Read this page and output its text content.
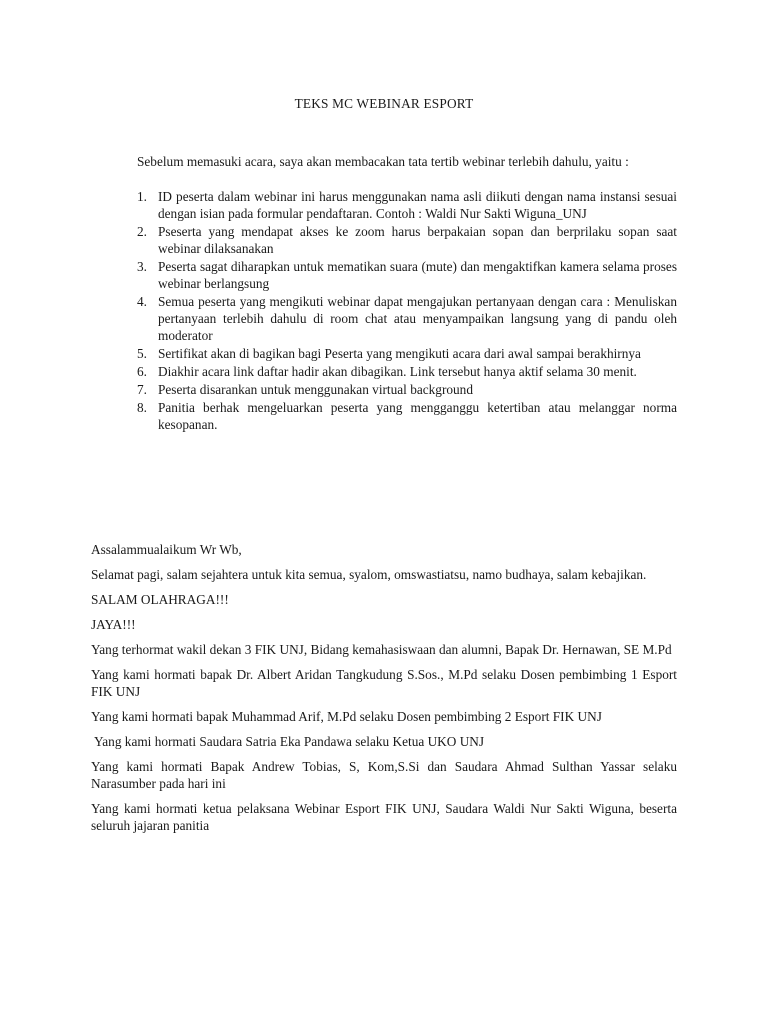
TEKS MC WEBINAR ESPORT
Sebelum memasuki acara, saya akan membacakan tata tertib webinar terlebih dahulu, yaitu :
1. ID peserta dalam webinar ini harus menggunakan nama asli diikuti dengan nama instansi sesuai dengan isian pada formular pendaftaran. Contoh : Waldi Nur Sakti Wiguna_UNJ
2. Pseserta yang mendapat akses ke zoom harus berpakaian sopan dan berprilaku sopan saat webinar dilaksanakan
3. Peserta sagat diharapkan untuk mematikan suara (mute) dan mengaktifkan kamera selama proses webinar berlangsung
4. Semua peserta yang mengikuti webinar dapat mengajukan pertanyaan dengan cara : Menuliskan pertanyaan terlebih dahulu di room chat atau menyampaikan langsung yang di pandu oleh moderator
5. Sertifikat akan di bagikan bagi Peserta yang mengikuti acara dari awal sampai berakhirnya
6. Diakhir acara link daftar hadir akan dibagikan. Link tersebut hanya aktif selama 30 menit.
7. Peserta disarankan untuk menggunakan virtual background
8. Panitia berhak mengeluarkan peserta yang mengganggu ketertiban atau melanggar norma kesopanan.

Assalammualaikum Wr Wb,

Selamat pagi, salam sejahtera untuk kita semua, syalom, omswastiatsu, namo budhaya, salam kebajikan.

SALAM OLAHRAGA!!!

JAYA!!!

Yang terhormat wakil dekan 3 FIK UNJ, Bidang kemahasiswaan dan alumni, Bapak Dr. Hernawan, SE M.Pd

Yang kami hormati bapak Dr. Albert Aridan Tangkudung S.Sos., M.Pd selaku Dosen pembimbing 1 Esport FIK UNJ

Yang kami hormati bapak Muhammad Arif, M.Pd selaku Dosen pembimbing 2 Esport FIK UNJ

Yang kami hormati Saudara Satria Eka Pandawa selaku Ketua UKO UNJ

Yang kami hormati Bapak Andrew Tobias, S, Kom,S.Si dan Saudara Ahmad Sulthan Yassar selaku Narasumber pada hari ini

Yang kami hormati ketua pelaksana Webinar Esport FIK UNJ, Saudara Waldi Nur Sakti Wiguna, beserta seluruh jajaran panitia
